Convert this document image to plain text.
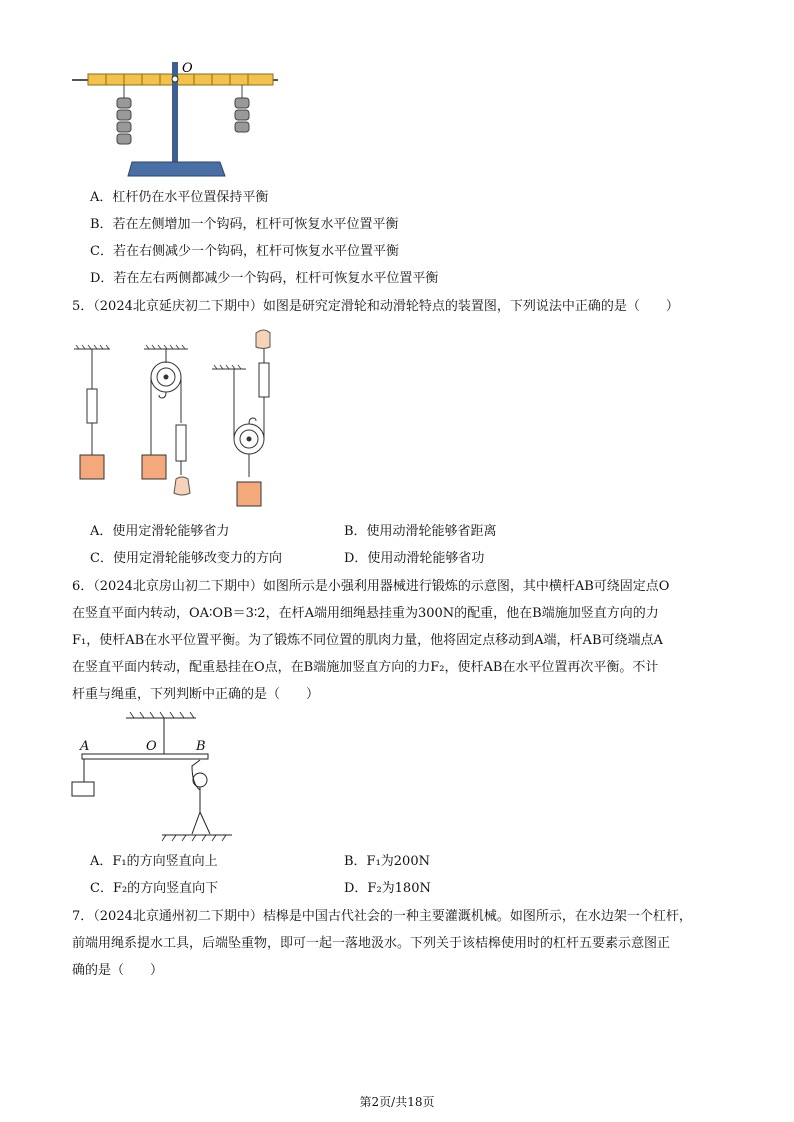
O
A．杠杆仍在水平位置保持平衡
B．若在左侧增加一个钩码，杠杆可恢复水平位置平衡
C．若在右侧减少一个钩码，杠杆可恢复水平位置平衡
D．若在左右两侧都减少一个钩码，杠杆可恢复水平位置平衡
5．（2024北京延庆初二下期中）如图是研究定滑轮和动滑轮特点的装置图，下列说法中正确的是（　　）
A．使用定滑轮能够省力	B．使用动滑轮能够省距离
C．使用定滑轮能够改变力的方向	D．使用动滑轮能够省功
6．（2024北京房山初二下期中）如图所示是小强利用器械进行锻炼的示意图，其中横杆AB可绕固定点O
在竖直平面内转动，OA∶OB＝3∶2，在杆A端用细绳悬挂重为300N的配重，他在B端施加竖直方向的力
F₁，使杆AB在水平位置平衡。为了锻炼不同位置的肌肉力量，他将固定点移动到A端，杆AB可绕端点A
在竖直平面内转动，配重悬挂在O点，在B端施加竖直方向的力F₂，使杆AB在水平位置再次平衡。不计
杆重与绳重，下列判断中正确的是（　　）
A	O	B
A．F₁的方向竖直向上	B．F₁为200N
C．F₂的方向竖直向下	D．F₂为180N
7．（2024北京通州初二下期中）桔槔是中国古代社会的一种主要灌溉机械。如图所示，在水边架一个杠杆，
前端用绳系提水工具，后端坠重物，即可一起一落地汲水。下列关于该桔槔使用时的杠杆五要素示意图正
确的是（　　）
第2页/共18页
